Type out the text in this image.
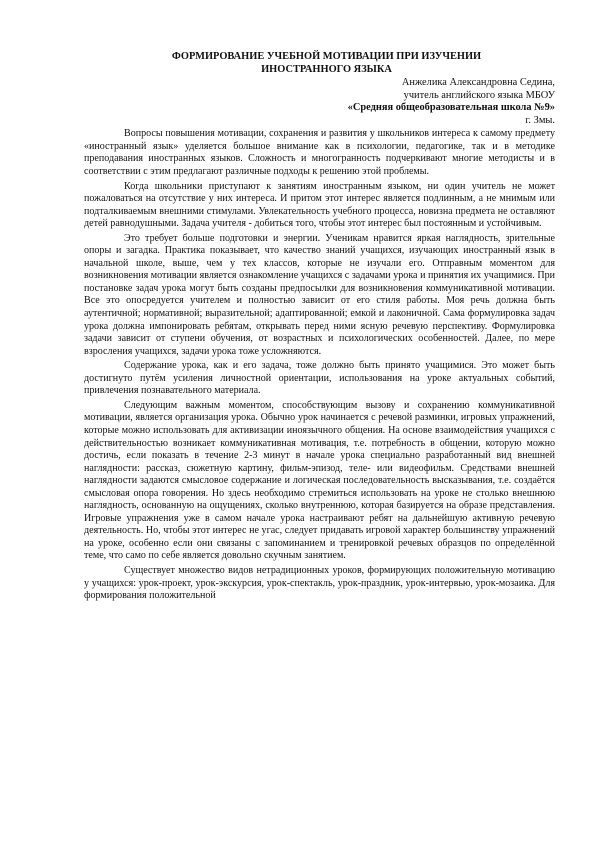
ФОРМИРОВАНИЕ УЧЕБНОЙ МОТИВАЦИИ ПРИ ИЗУЧЕНИИ
ИНОСТРАННОГО ЯЗЫКА
Анжелика Александровна Седина,
учитель английского языка МБОУ
«Средняя общеобразовательная школа №9»
г. Змы.

Вопросы повышения мотивации, сохранения и развития у школьников интереса к самому предмету «иностранный язык» уделяется большое внимание как в психологии, педагогике, так и в методике преподавания иностранных языков. Сложность и многогранность подчеркивают многие методисты и в соответствии с этим предлагают различные подходы к решению этой проблемы.

Когда школьники приступают к занятиям иностранным языком, ни один учитель не может пожаловаться на отсутствие у них интереса. И притом этот интерес является подлинным, а не мнимым или подталкиваемым внешними стимулами. Увлекательность учебного процесса, новизна предмета не оставляют детей равнодушными. Задача учителя - добиться того, чтобы этот интерес был постоянным и устойчивым.

Это требует больше подготовки и энергии. Ученикам нравится яркая наглядность, зрительные опоры и загадка. Практика показывает, что качество знаний учащихся, изучающих иностранный язык в начальной школе, выше, чем у тех классов, которые не изучали его. Отправным моментом для возникновения мотивации является ознакомление учащихся с задачами урока и принятия их учащимися. При постановке задач урока могут быть созданы предпосылки для возникновения коммуникативной мотивации. Все это опосредуется учителем и полностью зависит от его стиля работы. Моя речь должна быть аутентичной; нормативной; выразительной; адаптированной; емкой и лаконичной. Сама формулировка задач урока должна импонировать ребятам, открывать перед ними ясную речевую перспективу. Формулировка задачи зависит от ступени обучения, от возрастных и психологических особенностей. Далее, по мере взросления учащихся, задачи урока тоже усложняются.

Содержание урока, как и его задача, тоже должно быть принято учащимися. Это может быть достигнуто путём усиления личностной ориентации, использования на уроке актуальных событий, привлечения познавательного материала.

Следующим важным моментом, способствующим вызову и сохранению коммуникативной мотивации, является организация урока. Обычно урок начинается с речевой разминки, игровых упражнений, которые можно использовать для активизации иноязычного общения. На основе взаимодействия учащихся с действительностью возникает коммуникативная мотивация, т.е. потребность в общении, которую можно достичь, если показать в течение 2-3 минут в начале урока специально разработанный вид внешней наглядности: рассказ, сюжетную картину, фильм-эпизод, теле- или видеофильм. Средствами внешней наглядности задаются смысловое содержание и логическая последовательность высказывания, т.е. создаётся смысловая опора говорения. Но здесь необходимо стремиться использовать на уроке не столько внешнюю наглядность, основанную на ощущениях, сколько внутреннюю, которая базируется на образе представления. Игровые упражнения уже в самом начале урока настраивают ребят на дальнейшую активную речевую деятельность. Но, чтобы этот интерес не угас, следует придавать игровой характер большинству упражнений на уроке, особенно если они связаны с запоминанием и тренировкой речевых образцов по определённой теме, что само по себе является довольно скучным занятием.

Существует множество видов нетрадиционных уроков, формирующих положительную мотивацию у учащихся: урок-проект, урок-экскурсия, урок-спектакль, урок-праздник, урок-интервью, урок-мозаика. Для формирования положительной
